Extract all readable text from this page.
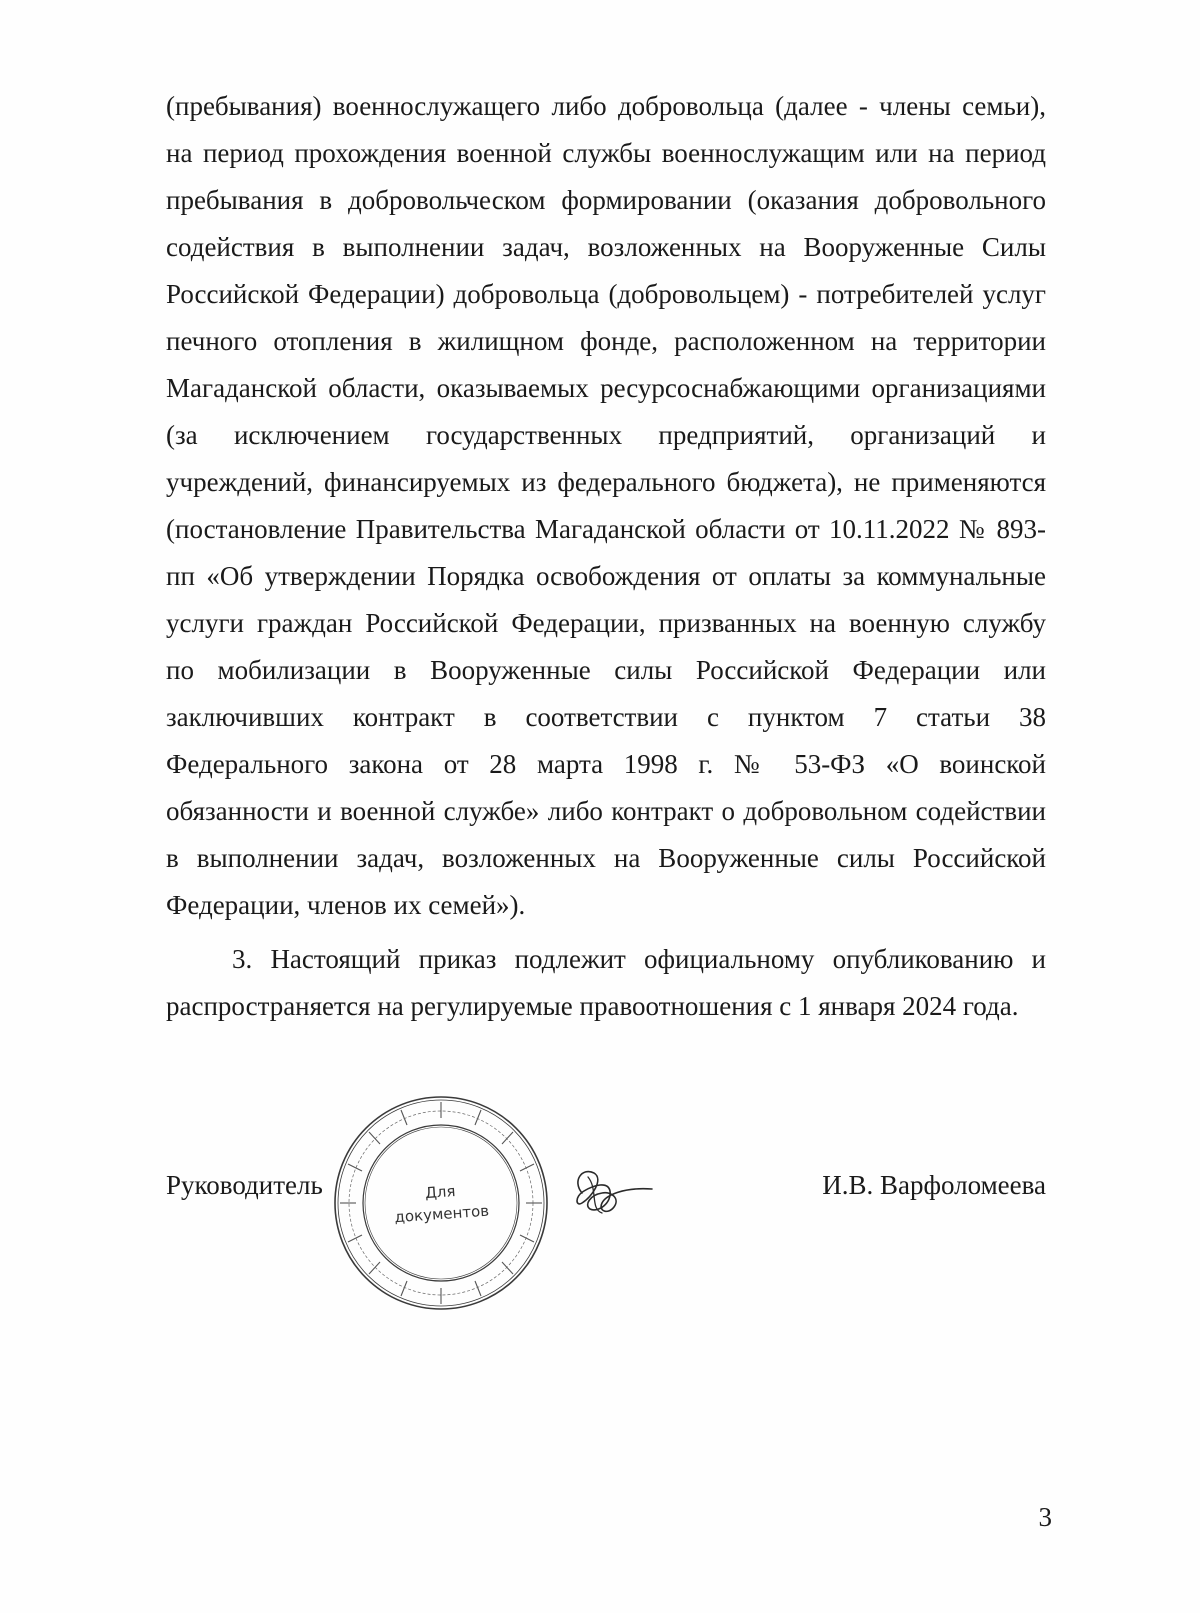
(пребывания) военнослужащего либо добровольца (далее - члены семьи),
на период прохождения военной службы военнослужащим или на период
пребывания в добровольческом формировании (оказания добровольного
содействия в выполнении задач, возложенных на Вооруженные Силы
Российской Федерации) добровольца (добровольцем) - потребителей услуг
печного отопления в жилищном фонде, расположенном на территории
Магаданской области, оказываемых ресурсоснабжающими организациями
(за исключением государственных предприятий, организаций и
учреждений, финансируемых из федерального бюджета), не применяются
(постановление Правительства Магаданской области от 10.11.2022 № 893-
пп «Об утверждении Порядка освобождения от оплаты за коммунальные
услуги граждан Российской Федерации, призванных на военную службу
по мобилизации в Вооруженные силы Российской Федерации или
заключивших контракт в соответствии с пунктом 7 статьи 38
Федерального закона от 28 марта 1998 г. № 53-ФЗ «О воинской
обязанности и военной службе» либо контракт о добровольном содействии
в выполнении задач, возложенных на Вооруженные силы Российской
Федерации, членов их семей»).
3. Настоящий приказ подлежит официальному опубликованию и
распространяется на регулируемые правоотношения с 1 января 2024 года.
Руководитель	Для
документов
И.В. Варфоломеева
3
